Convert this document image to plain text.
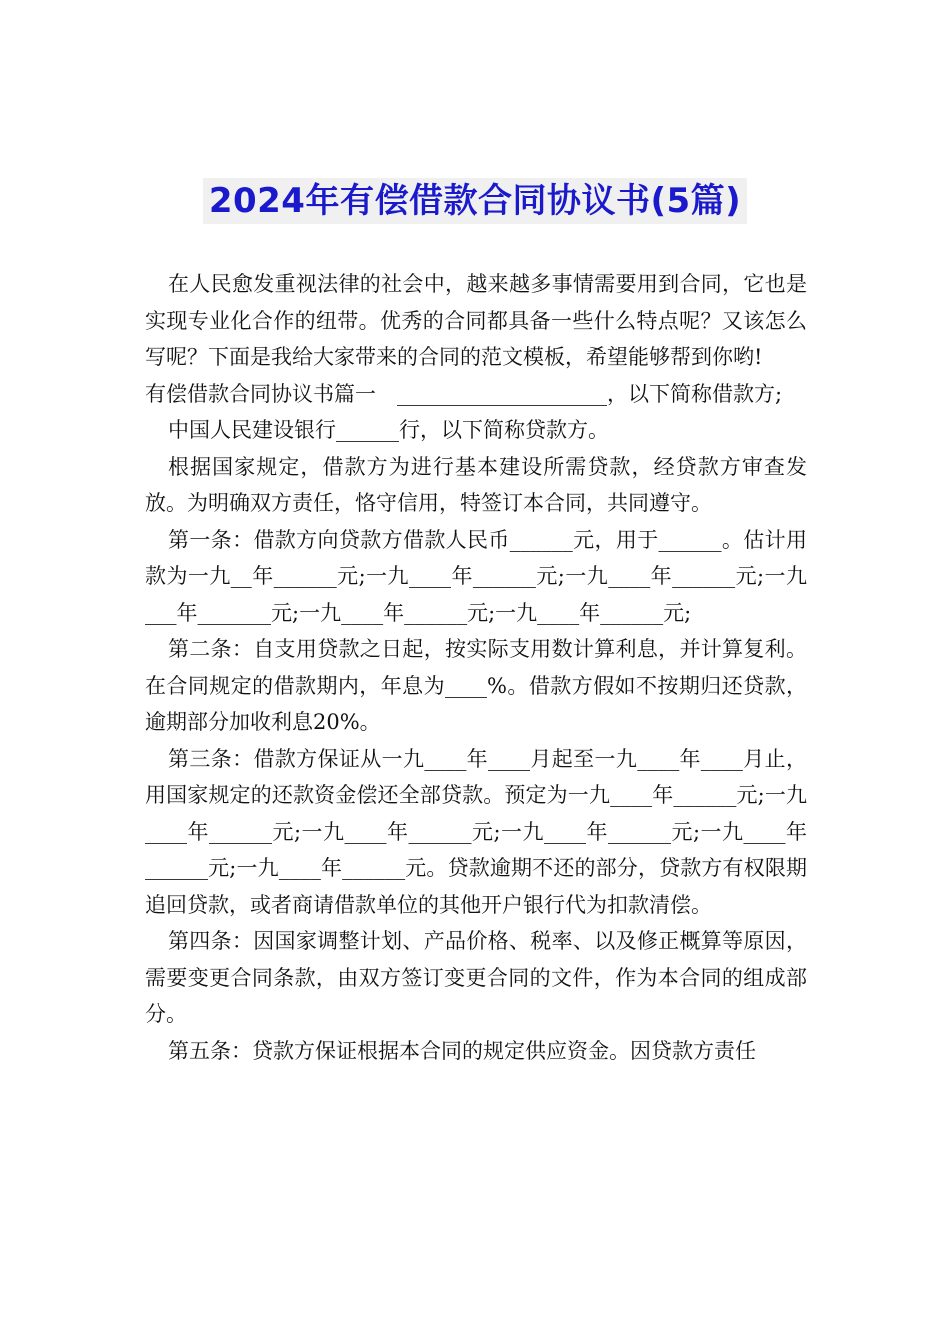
2024年有偿借款合同协议书(5篇)

在人民愈发重视法律的社会中，越来越多事情需要用到合同，它也是实现专业化合作的纽带。优秀的合同都具备一些什么特点呢？又该怎么写呢？下面是我给大家带来的合同的范文模板，希望能够帮到你哟!

有偿借款合同协议书篇一　____________________，以下简称借款方;

中国人民建设银行______行，以下简称贷款方。

根据国家规定，借款方为进行基本建设所需贷款，经贷款方审查发放。为明确双方责任，恪守信用，特签订本合同，共同遵守。

第一条：借款方向贷款方借款人民币______元，用于______。估计用款为一九__年______元;一九____年______元;一九____年______元;一九___年_______元;一九____年______元;一九____年______元;

第二条：自支用贷款之日起，按实际支用数计算利息，并计算复利。在合同规定的借款期内，年息为____%。借款方假如不按期归还贷款，逾期部分加收利息20%。

第三条：借款方保证从一九____年____月起至一九____年____月止，用国家规定的还款资金偿还全部贷款。预定为一九____年______元;一九____年______元;一九____年______元;一九____年______元;一九____年______元;一九____年______元。贷款逾期不还的部分，贷款方有权限期追回贷款，或者商请借款单位的其他开户银行代为扣款清偿。

第四条：因国家调整计划、产品价格、税率、以及修正概算等原因，需要变更合同条款，由双方签订变更合同的文件，作为本合同的组成部分。

第五条：贷款方保证根据本合同的规定供应资金。因贷款方责任
